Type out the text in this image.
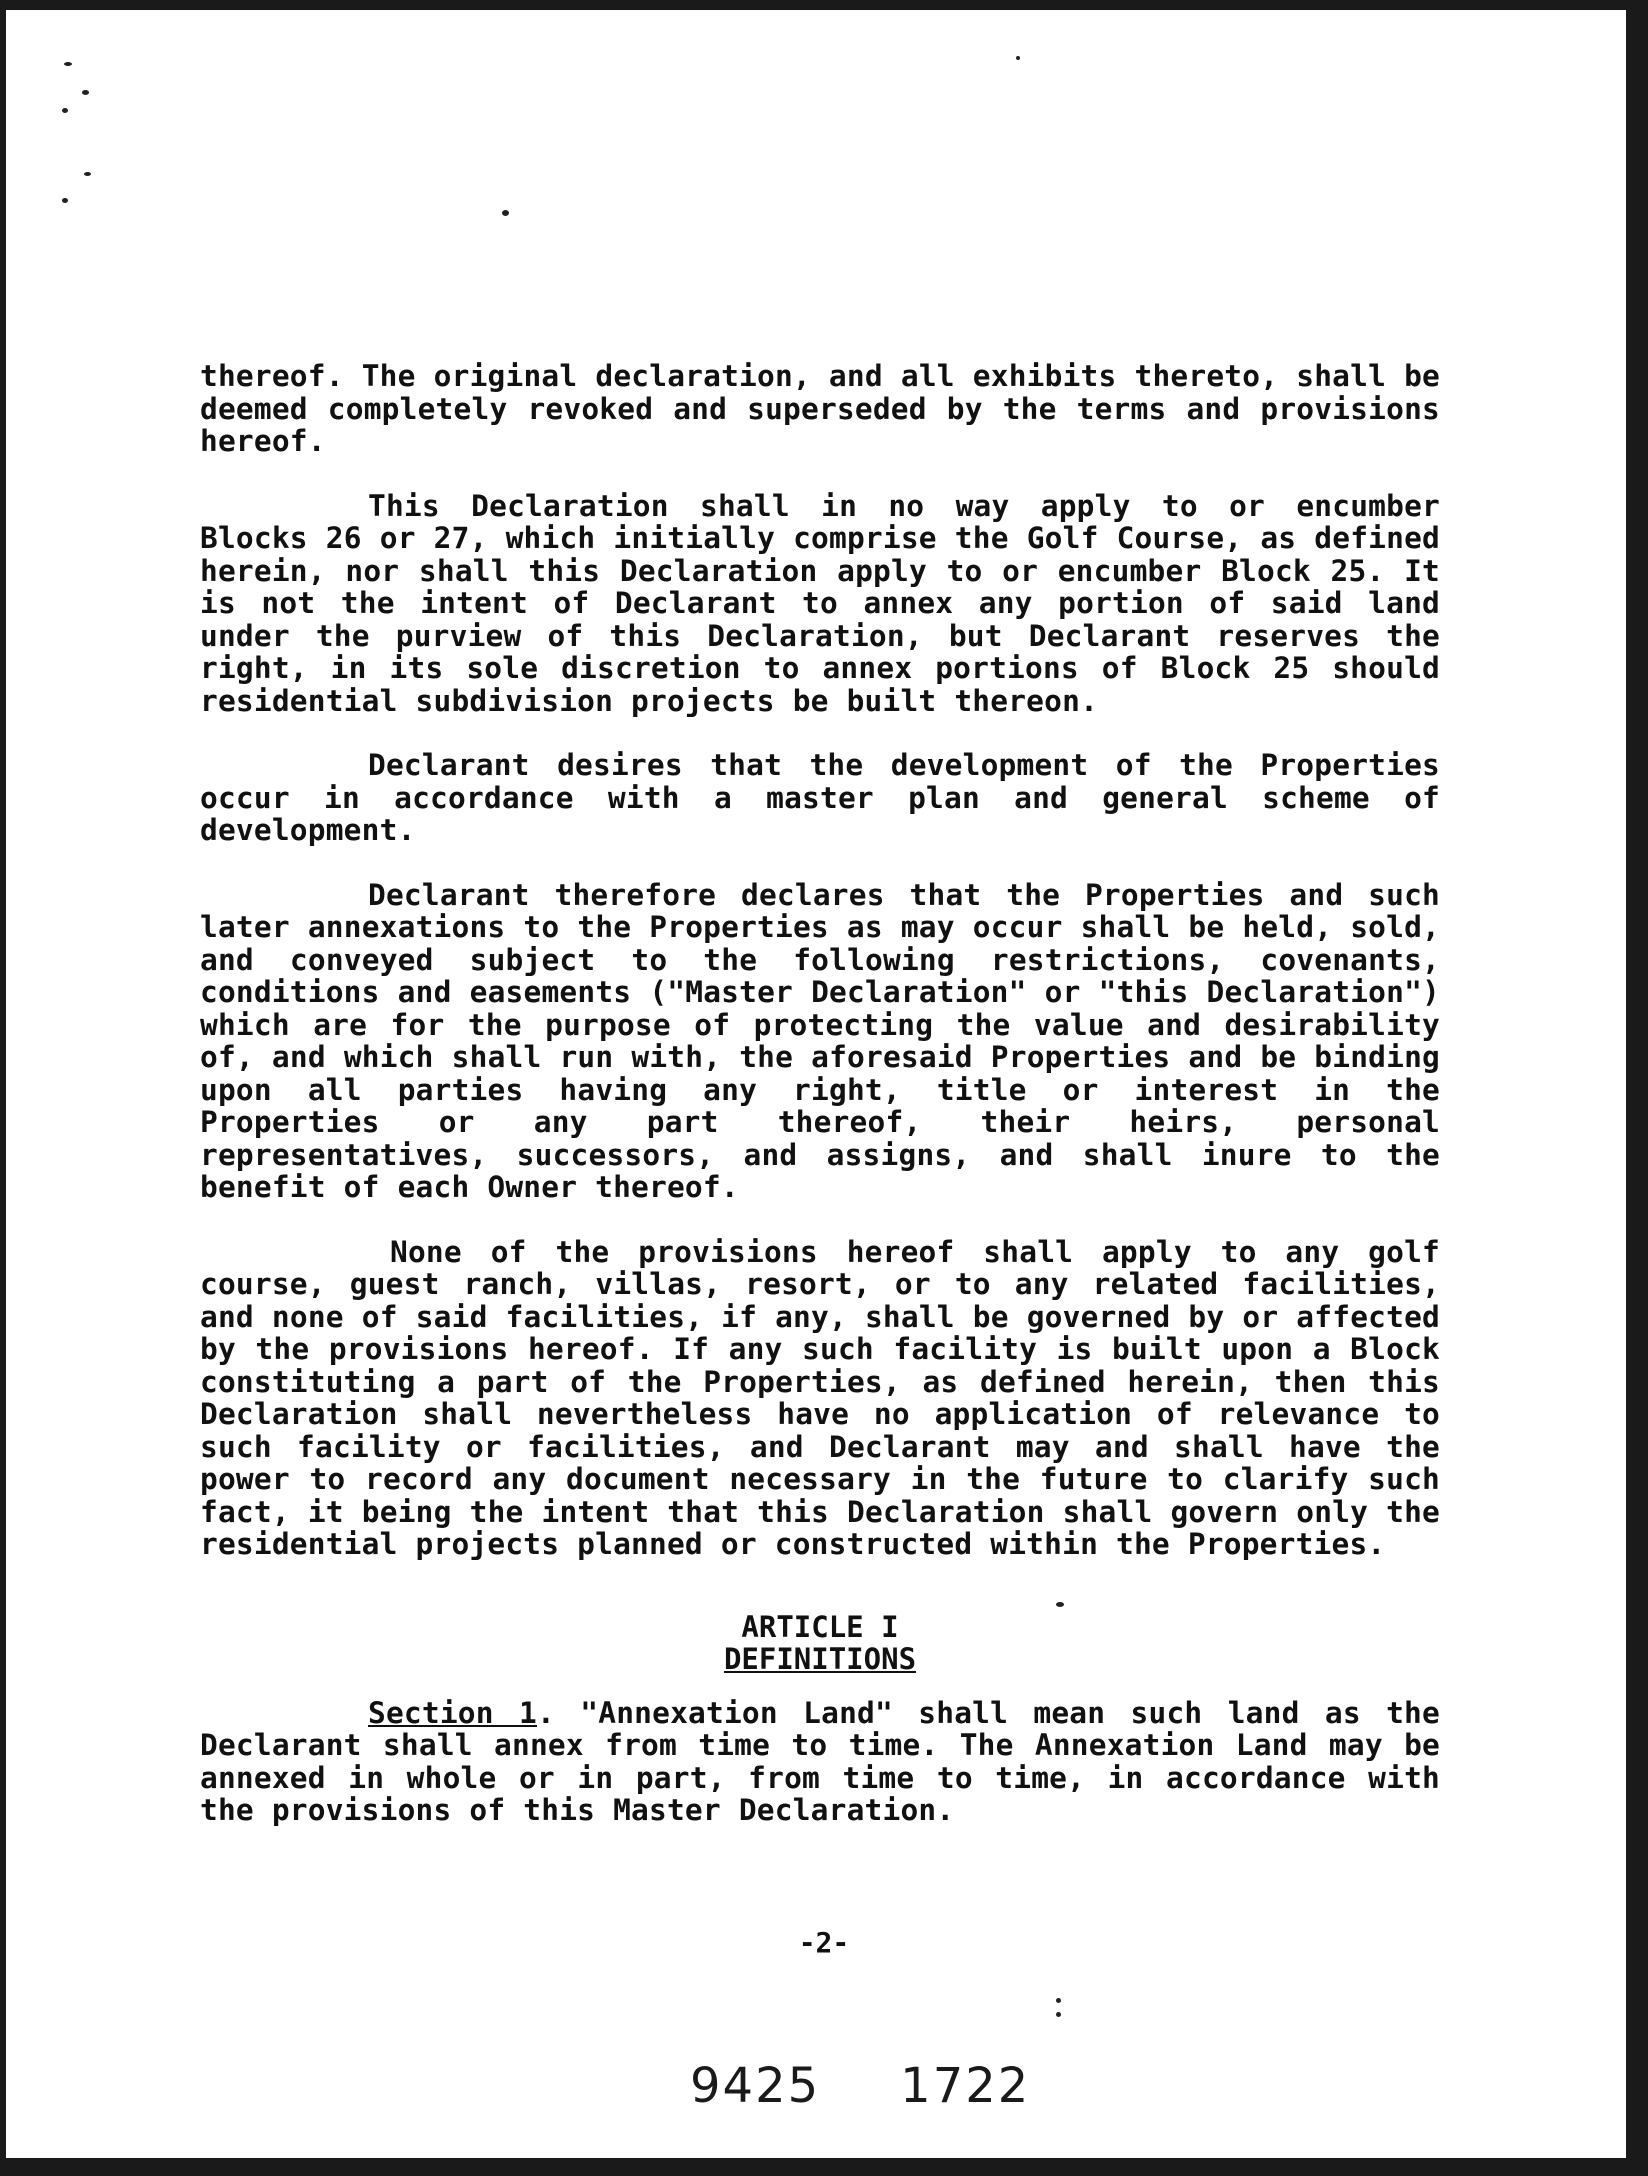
thereof. The original declaration, and all exhibits thereto, shall be deemed completely revoked and superseded by the terms and provisions hereof.

This Declaration shall in no way apply to or encumber Blocks 26 or 27, which initially comprise the Golf Course, as defined herein, nor shall this Declaration apply to or encumber Block 25. It is not the intent of Declarant to annex any portion of said land under the purview of this Declaration, but Declarant reserves the right, in its sole discretion to annex portions of Block 25 should residential subdivision projects be built thereon.

Declarant desires that the development of the Properties occur in accordance with a master plan and general scheme of development.

Declarant therefore declares that the Properties and such later annexations to the Properties as may occur shall be held, sold, and conveyed subject to the following restrictions, covenants, conditions and easements ("Master Declaration" or "this Declaration") which are for the purpose of protecting the value and desirability of, and which shall run with, the aforesaid Properties and be binding upon all parties having any right, title or interest in the Properties or any part thereof, their heirs, personal representatives, successors, and assigns, and shall inure to the benefit of each Owner thereof.

None of the provisions hereof shall apply to any golf course, guest ranch, villas, resort, or to any related facilities, and none of said facilities, if any, shall be governed by or affected by the provisions hereof. If any such facility is built upon a Block constituting a part of the Properties, as defined herein, then this Declaration shall nevertheless have no application of relevance to such facility or facilities, and Declarant may and shall have the power to record any document necessary in the future to clarify such fact, it being the intent that this Declaration shall govern only the residential projects planned or constructed within the Properties.

ARTICLE I
DEFINITIONS

Section 1. "Annexation Land" shall mean such land as the Declarant shall annex from time to time. The Annexation Land may be annexed in whole or in part, from time to time, in accordance with the provisions of this Master Declaration.

-2-
9425 1722
